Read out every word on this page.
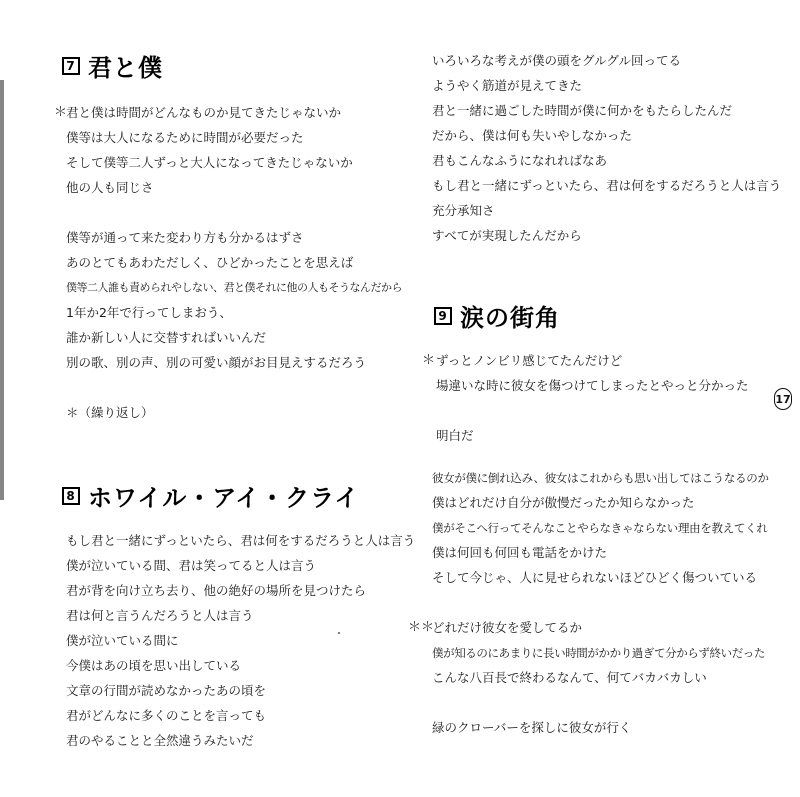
7 君と僕
＊
君と僕は時間がどんなものか見てきたじゃないか
僕等は大人になるために時間が必要だった
そして僕等二人ずっと大人になってきたじゃないか
他の人も同じさ
僕等が通って来た変わり方も分かるはずさ
あのとてもあわただしく、ひどかったことを思えば
僕等二人誰も責められやしない、君と僕それに他の人もそうなんだから
1年か2年で行ってしまおう、
誰か新しい人に交替すればいいんだ
別の歌、別の声、別の可愛い顔がお目見えするだろう
＊（繰り返し）
8 ホワイル・アイ・クライ
もし君と一緒にずっといたら、君は何をするだろうと人は言う
僕が泣いている間、君は笑ってると人は言う
君が背を向け立ち去り、他の絶好の場所を見つけたら
君は何と言うんだろうと人は言う
僕が泣いている間に
今僕はあの頃を思い出している
文章の行間が読めなかったあの頃を
君がどんなに多くのことを言っても
君のやることと全然違うみたいだ
いろいろな考えが僕の頭をグルグル回ってる
ようやく筋道が見えてきた
君と一緒に過ごした時間が僕に何かをもたらしたんだ
だから、僕は何も失いやしなかった
君もこんなふうになれればなあ
もし君と一緒にずっといたら、君は何をするだろうと人は言う
充分承知さ
すべてが実現したんだから
9 涙の街角
＊ ずっとノンビリ感じてたんだけど
場違いな時に彼女を傷つけてしまったとやっと分かった
明白だ
彼女が僕に倒れ込み、彼女はこれからも思い出してはこうなるのか
僕はどれだけ自分が傲慢だったか知らなかった
僕がそこへ行ってそんなことやらなきゃならない理由を教えてくれ
僕は何回も何回も電話をかけた
そして今じゃ、人に見せられないほどひどく傷ついている
＊＊
どれだけ彼女を愛してるか
僕が知るのにあまりに長い時間がかかり過ぎて分からず終いだった
こんな八百長で終わるなんて、何てバカバカしい
緑のクローバーを探しに彼女が行く
17
